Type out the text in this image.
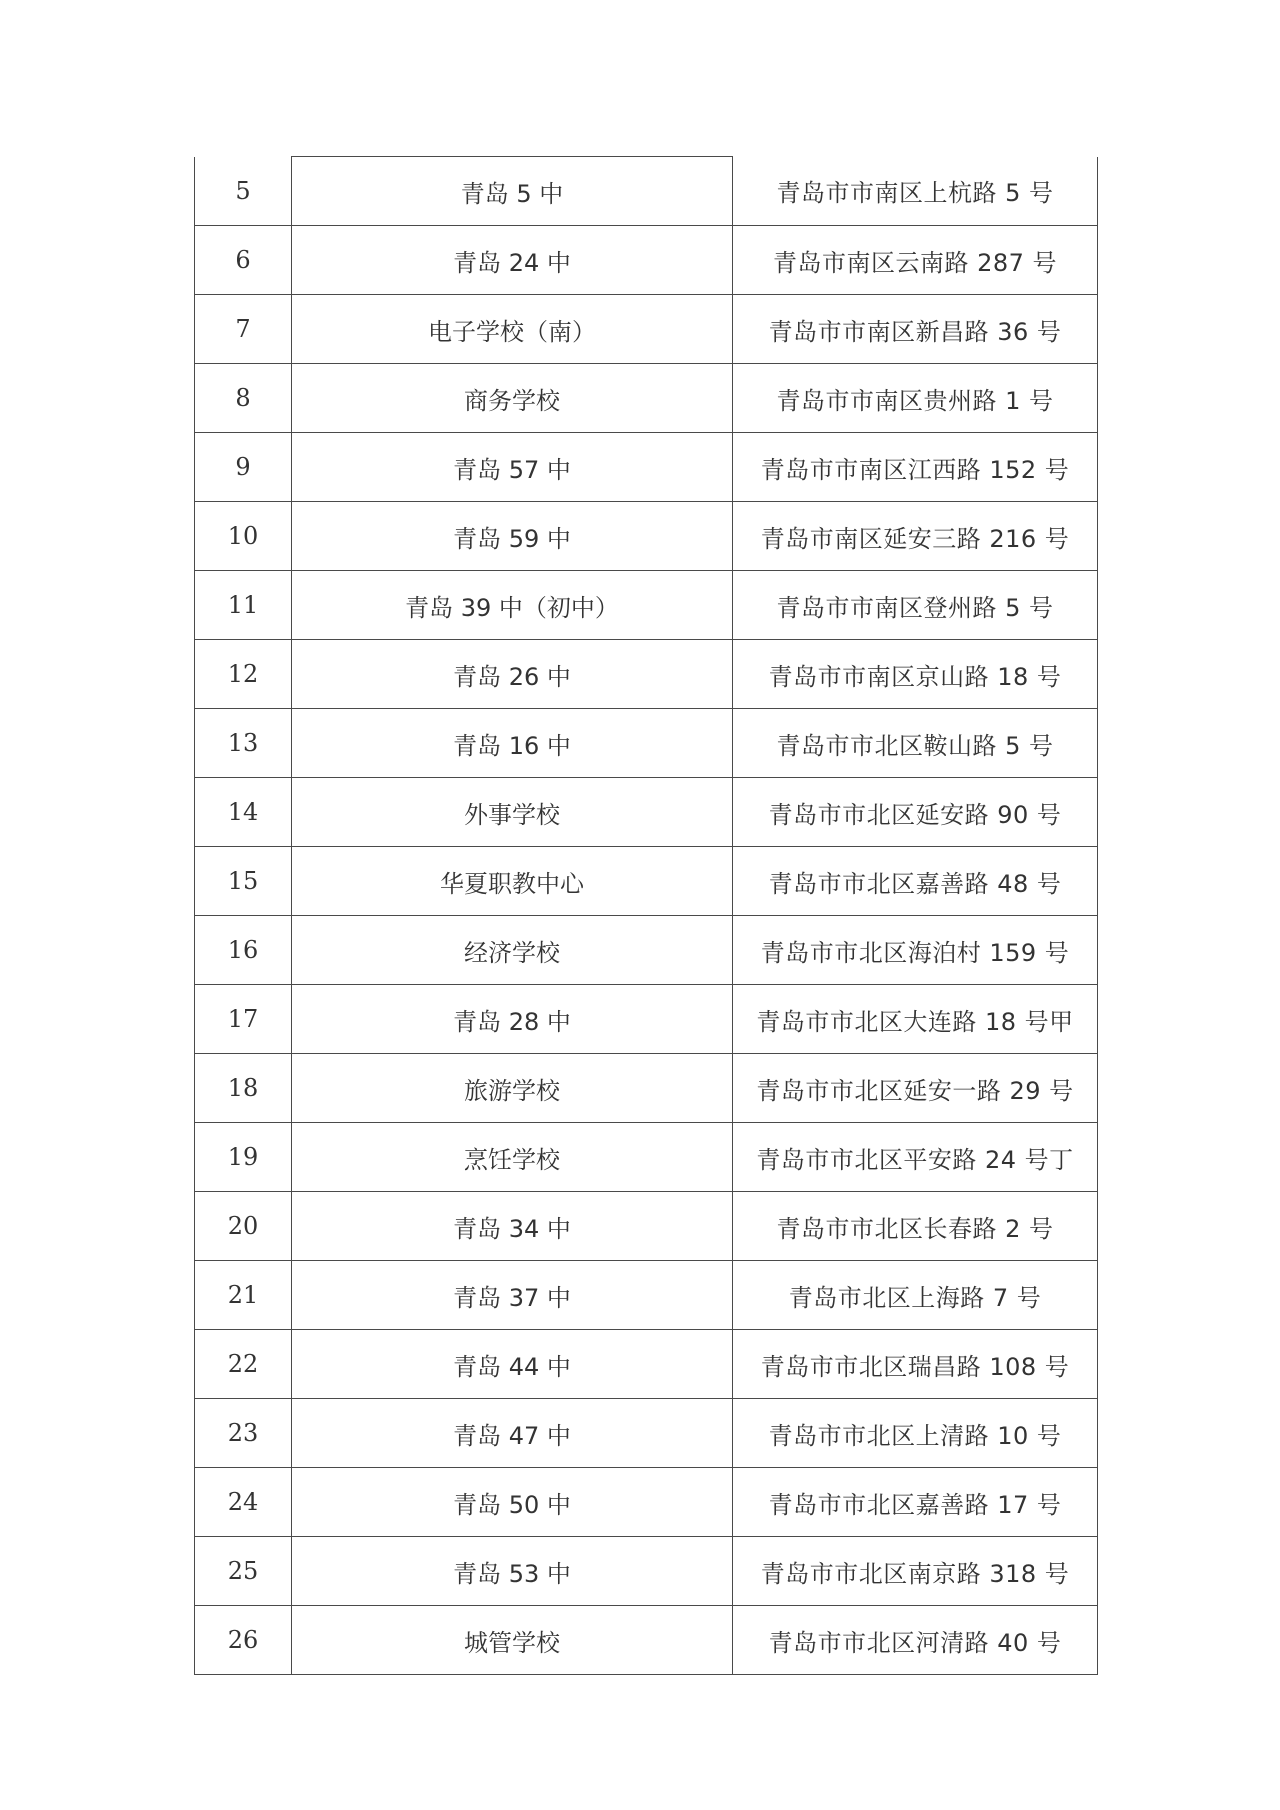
5	青岛 5 中	青岛市市南区上杭路 5 号
6	青岛 24 中	青岛市南区云南路 287 号
7	电子学校（南）	青岛市市南区新昌路 36 号
8	商务学校	青岛市市南区贵州路 1 号
9	青岛 57 中	青岛市市南区江西路 152 号
10	青岛 59 中	青岛市南区延安三路 216 号
11	青岛 39 中（初中）	青岛市市南区登州路 5 号
12	青岛 26 中	青岛市市南区京山路 18 号
13	青岛 16 中	青岛市市北区鞍山路 5 号
14	外事学校	青岛市市北区延安路 90 号
15	华夏职教中心	青岛市市北区嘉善路 48 号
16	经济学校	青岛市市北区海泊村 159 号
17	青岛 28 中	青岛市市北区大连路 18 号甲
18	旅游学校	青岛市市北区延安一路 29 号
19	烹饪学校	青岛市市北区平安路 24 号丁
20	青岛 34 中	青岛市市北区长春路 2 号
21	青岛 37 中	青岛市北区上海路 7 号
22	青岛 44 中	青岛市市北区瑞昌路 108 号
23	青岛 47 中	青岛市市北区上清路 10 号
24	青岛 50 中	青岛市市北区嘉善路 17 号
25	青岛 53 中	青岛市市北区南京路 318 号
26	城管学校	青岛市市北区河清路 40 号
